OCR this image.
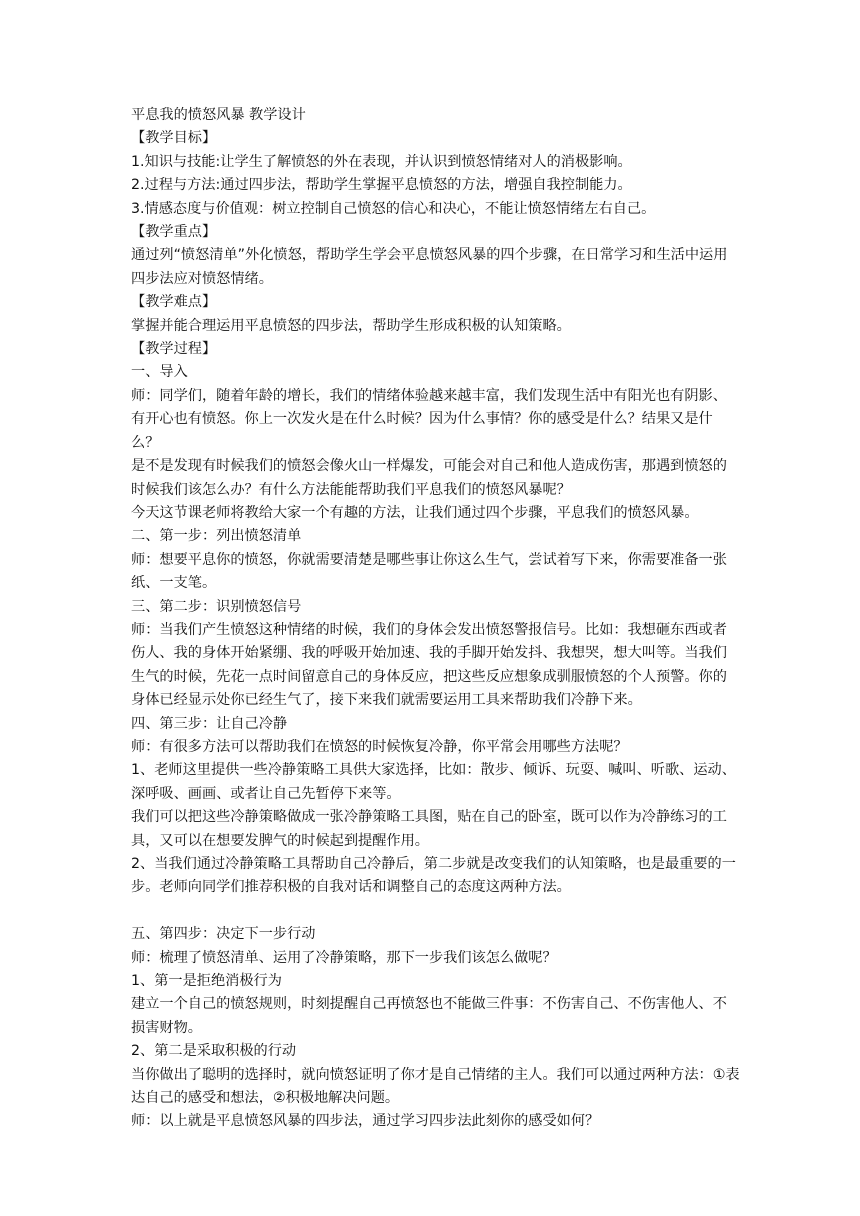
平息我的愤怒风暴 教学设计

【教学目标】

1.知识与技能:让学生了解愤怒的外在表现，并认识到愤怒情绪对人的消极影响。

2.过程与方法:通过四步法，帮助学生掌握平息愤怒的方法，增强自我控制能力。

3.情感态度与价值观：树立控制自己愤怒的信心和决心，不能让愤怒情绪左右自己。

【教学重点】

通过列“愤怒清单”外化愤怒，帮助学生学会平息愤怒风暴的四个步骤，在日常学习和生活中运用四步法应对愤怒情绪。

【教学难点】

掌握并能合理运用平息愤怒的四步法，帮助学生形成积极的认知策略。

【教学过程】

一、导入

师：同学们，随着年龄的增长，我们的情绪体验越来越丰富，我们发现生活中有阳光也有阴影、有开心也有愤怒。你上一次发火是在什么时候？因为什么事情？你的感受是什么？结果又是什么？

是不是发现有时候我们的愤怒会像火山一样爆发，可能会对自己和他人造成伤害，那遇到愤怒的时候我们该怎么办？有什么方法能能帮助我们平息我们的愤怒风暴呢？

今天这节课老师将教给大家一个有趣的方法，让我们通过四个步骤，平息我们的愤怒风暴。

二、第一步：列出愤怒清单

师：想要平息你的愤怒，你就需要清楚是哪些事让你这么生气，尝试着写下来，你需要准备一张纸、一支笔。

三、第二步：识别愤怒信号

师：当我们产生愤怒这种情绪的时候，我们的身体会发出愤怒警报信号。比如：我想砸东西或者伤人、我的身体开始紧绷、我的呼吸开始加速、我的手脚开始发抖、我想哭，想大叫等。当我们生气的时候，先花一点时间留意自己的身体反应，把这些反应想象成驯服愤怒的个人预警。你的身体已经显示处你已经生气了，接下来我们就需要运用工具来帮助我们冷静下来。

四、第三步：让自己冷静

师：有很多方法可以帮助我们在愤怒的时候恢复冷静，你平常会用哪些方法呢？

1、老师这里提供一些冷静策略工具供大家选择，比如：散步、倾诉、玩耍、喊叫、听歌、运动、深呼吸、画画、或者让自己先暂停下来等。

我们可以把这些冷静策略做成一张冷静策略工具图，贴在自己的卧室，既可以作为冷静练习的工具，又可以在想要发脾气的时候起到提醒作用。

2、当我们通过冷静策略工具帮助自己冷静后，第二步就是改变我们的认知策略，也是最重要的一步。老师向同学们推荐积极的自我对话和调整自己的态度这两种方法。

五、第四步：决定下一步行动

师：梳理了愤怒清单、运用了冷静策略，那下一步我们该怎么做呢？

1、第一是拒绝消极行为

建立一个自己的愤怒规则，时刻提醒自己再愤怒也不能做三件事：不伤害自己、不伤害他人、不损害财物。

2、第二是采取积极的行动

当你做出了聪明的选择时，就向愤怒证明了你才是自己情绪的主人。我们可以通过两种方法：①表达自己的感受和想法，②积极地解决问题。

师：以上就是平息愤怒风暴的四步法，通过学习四步法此刻你的感受如何？
